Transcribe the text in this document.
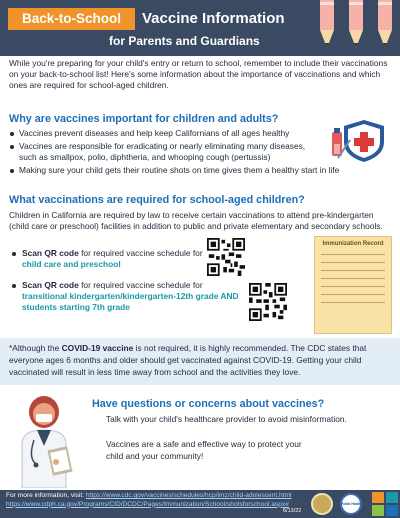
Back-to-School	Vaccine Information
for Parents and Guardians

While you're preparing for your child's entry or return to school, remember to include their vaccinations on your back-to-school list! Here's some information about the importance of vaccinations and which ones are required for school-aged children.

Why are vaccines important for children and adults?
Vaccines prevent diseases and help keep Californians of all ages healthy
Vaccines are responsible for eradicating or nearly eliminating many diseases, such as smallpox, polio, diphtheria, and whooping cough (pertussis)
Making sure your child gets their routine shots on time gives them a healthy start in life
What vaccinations are required for school-aged children?

Children in California are required by law to receive certain vaccinations to attend pre-kindergarten (child care or preschool) facilities in addition to public and private elementary and secondary schools.

Scan QR code for required vaccine schedule for child care and preschool
Scan QR code for required vaccine schedule for transitional kindergarten/kindergarten-12th grade AND students starting 7th grade
Immunization Record

*Although the COVID-19 vaccine is not required, it is highly recommended. The CDC states that everyone ages 6 months and older should get vaccinated against COVID-19. Getting your child vaccinated will result in less time away from school and the activities they love.

Have questions or concerns about vaccines?

Talk with your child's healthcare provider to avoid misinformation.

Vaccines are a safe and effective way to protect your child and your community!

For more information, visit: https://www.cdc.gov/vaccines/schedules/hcp/imz/child-adolescent.html
https://www.cdph.ca.gov/Programs/CID/DCDC/Pages/Immunization/School/shotsforschool.aspx#
6/13/22
Public Health
